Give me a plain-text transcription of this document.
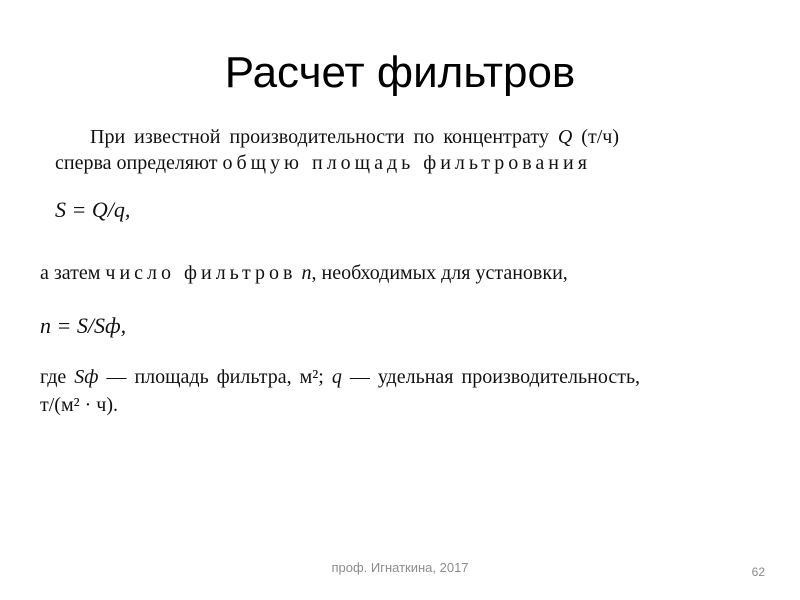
Расчет фильтров
При известной производительности по концентрату Q (т/ч)
сперва определяют общую площадь фильтрования
S = Q/q,
а затем число фильтров n, необходимых для установки,
n = S/Sф,
где Sф — площадь фильтра, м²; q — удельная производительность,
т/(м² · ч).
проф. Игнаткина, 2017	62
